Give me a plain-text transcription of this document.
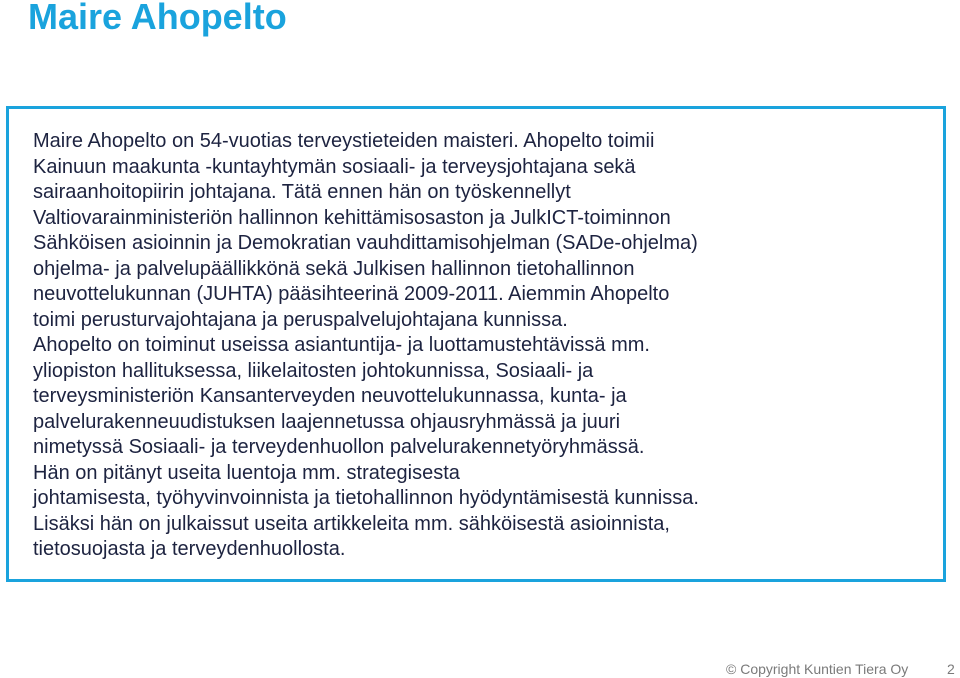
Maire Ahopelto

Maire Ahopelto on 54-vuotias terveystieteiden maisteri. Ahopelto toimii
Kainuun maakunta -kuntayhtymän sosiaali- ja terveysjohtajana sekä
sairaanhoitopiirin johtajana. Tätä ennen hän on työskennellyt
Valtiovarainministeriön hallinnon kehittämisosaston ja JulkICT-toiminnon
Sähköisen asioinnin ja Demokratian vauhdittamisohjelman (SADe-ohjelma)
ohjelma- ja palvelupäällikkönä sekä Julkisen hallinnon tietohallinnon
neuvottelukunnan (JUHTA) pääsihteerinä 2009-2011. Aiemmin Ahopelto
toimi perusturvajohtajana ja peruspalvelujohtajana kunnissa.
Ahopelto on toiminut useissa asiantuntija- ja luottamustehtävissä mm.
yliopiston hallituksessa, liikelaitosten johtokunnissa, Sosiaali- ja
terveysministeriön Kansanterveyden neuvottelukunnassa, kunta- ja
palvelurakenneuudistuksen laajennetussa ohjausryhmässä ja juuri
nimetyssä Sosiaali- ja terveydenhuollon palvelurakennetyöryhmässä.
Hän on pitänyt useita luentoja mm. strategisesta
johtamisesta, työhyvinvoinnista ja tietohallinnon hyödyntämisestä kunnissa.
Lisäksi hän on julkaissut useita artikkeleita mm. sähköisestä asioinnista,
tietosuojasta ja terveydenhuollosta.

© Copyright Kuntien Tiera Oy	2
